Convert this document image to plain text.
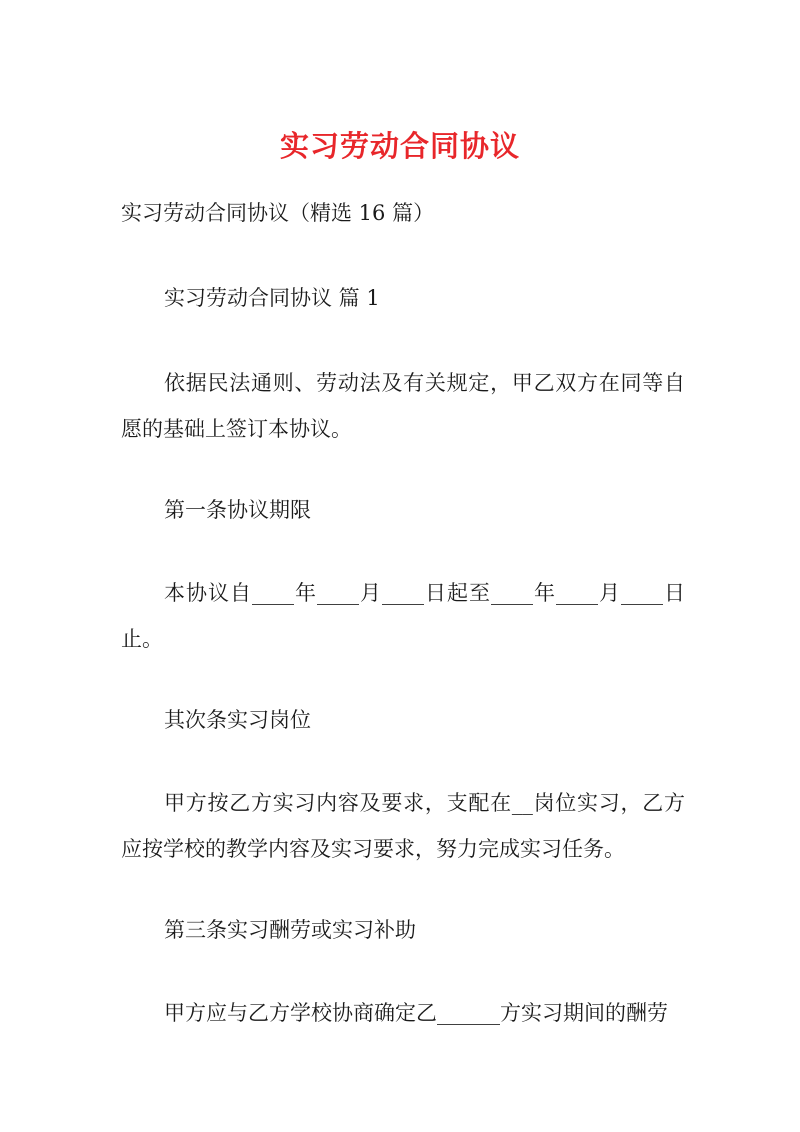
实习劳动合同协议

实习劳动合同协议（精选 16 篇）

实习劳动合同协议 篇 1

依据民法通则、劳动法及有关规定，甲乙双方在同等自愿的基础上签订本协议。

第一条协议期限

本协议自____年____月____日起至____年____月____日止。

其次条实习岗位

甲方按乙方实习内容及要求，支配在__岗位实习，乙方应按学校的教学内容及实习要求，努力完成实习任务。

第三条实习酬劳或实习补助

甲方应与乙方学校协商确定乙______方实习期间的酬劳
